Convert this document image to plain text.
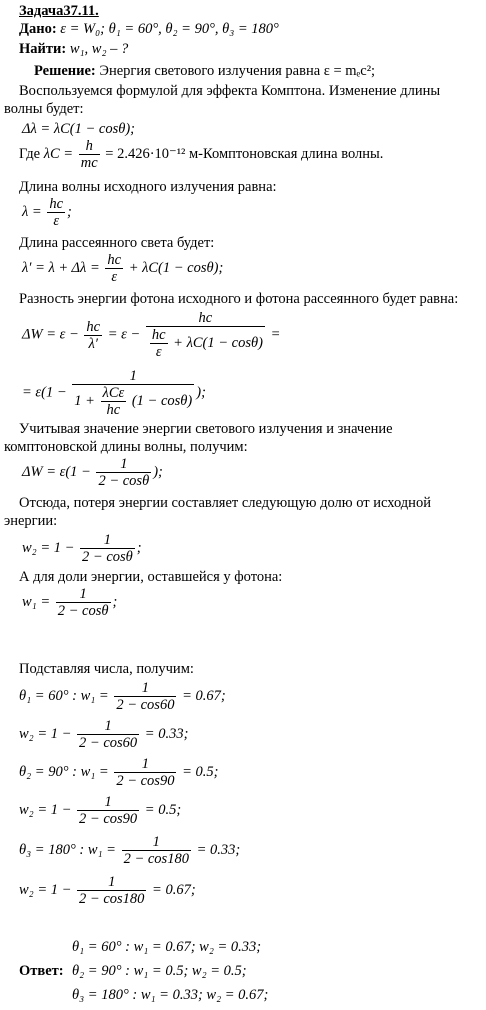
Задача37.11.
Дано: ε = W₀; θ₁ = 60°, θ₂ = 90°, θ₃ = 180°
Найти: w₁, w₂ – ?
Решение: Энергия светового излучения равна ε = mₑc²;
Воспользуемся формулой для эффекта Комптона. Изменение длины
волны будет:
Δλ = λC(1 − cosθ);
Где $\lambda C = \frac{h}{mc} = 2.426\cdot 10^{-12}$ м-Комптоновская длина волны.
Длина волны исходного излучения равна:
$\lambda = \frac{hc}{\varepsilon}$ ;
Длина рассеянного света будет:
$\lambda' = \lambda + \Delta\lambda = \frac{hc}{\varepsilon} + \lambda C(1 - \cos\theta)$;
Разность энергии фотона исходного и фотона рассеянного будет равна:
$\Delta W = \varepsilon - \frac{hc}{\lambda'} = \varepsilon - \frac{hc}{\frac{hc}{\varepsilon} + \lambda C(1 - \cos\theta)}$ =
= ε(1 −
1
1 + λCε
hc
(1 − cosθ)
);
Учитывая значение энергии светового излучения и значение
комптоновской длины волны, получим:
$\Delta W = \varepsilon(1 - \frac{1}{2 - \cos\theta}$ );
Отсюда, потеря энергии составляет следующую долю от исходной
энергии:
$w_2 = 1 - \frac{1}{2 - \cos\theta}$ ;
А для доли энергии, оставшейся у фотона:
$w_1 = \frac{1}{2 - \cos\theta}$ ;
Подставляя числа, получим:
θ₁ = 60° : $w_1 = \frac{1}{2 - \cos 60} = 0.67$;
$w_2 = 1 - \frac{1}{2 - \cos 60} = 0.33$;
θ₂ = 90° : $w_1 = \frac{1}{2 - \cos 90} = 0.5$;
$w_2 = 1 - \frac{1}{2 - \cos 90} = 0.5$;
θ₃ = 180° : $w_1 = \frac{1}{2 - \cos 180} = 0.33$;
$w_2 = 1 - \frac{1}{2 - \cos 180} = 0.67$;
θ₁ = 60° : w₁ = 0.67; w₂ = 0.33;
Ответ: θ₂ = 90° : w₁ = 0.5; w₂ = 0.5;
θ₃ = 180° : w₁ = 0.33; w₂ = 0.67;
